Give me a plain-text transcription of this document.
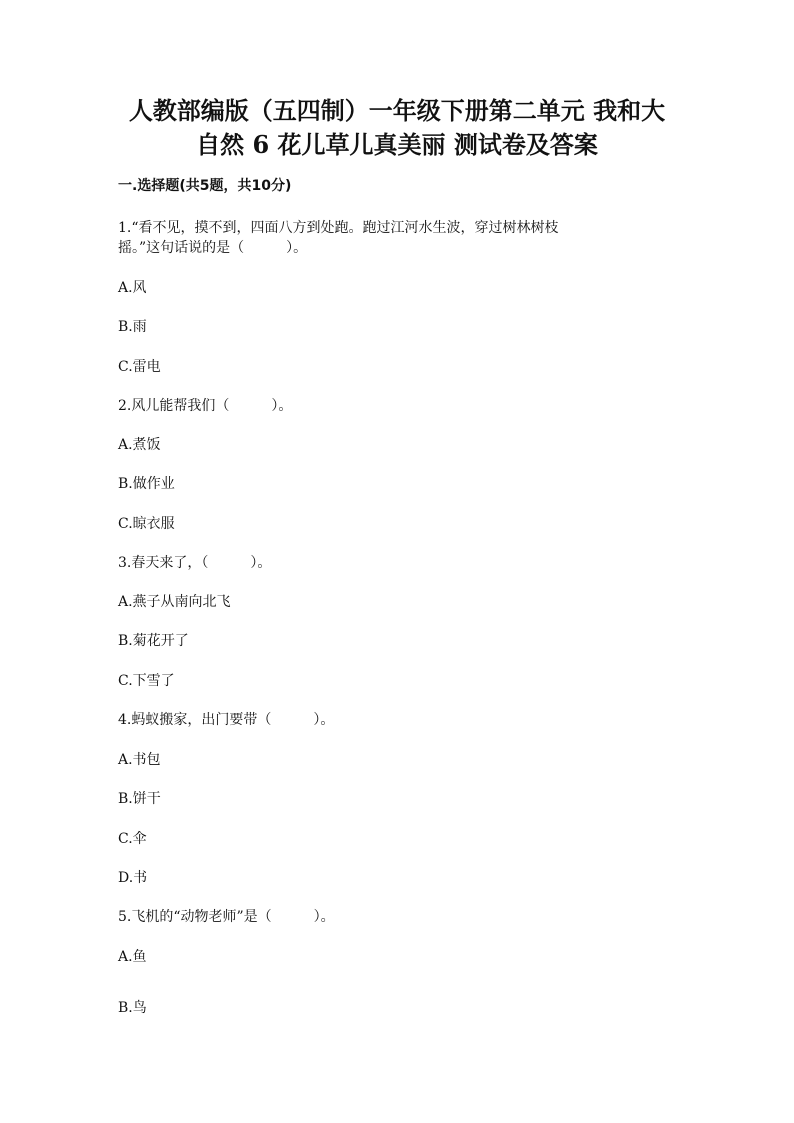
人教部编版（五四制）一年级下册第二单元 我和大
自然 6 花儿草儿真美丽 测试卷及答案

一.选择题(共5题，共10分)

1.“看不见，摸不到，四面八方到处跑。跑过江河水生波，穿过树林树枝

摇。”这句话说的是（　　　）。

A.风

B.雨

C.雷电

2.风儿能帮我们（　　　）。

A.煮饭

B.做作业

C.晾衣服

3.春天来了，（　　　）。

A.燕子从南向北飞

B.菊花开了

C.下雪了

4.蚂蚁搬家，出门要带（　　　）。

A.书包

B.饼干

C.伞

D.书

5.飞机的“动物老师”是（　　　）。

A.鱼

B.鸟
